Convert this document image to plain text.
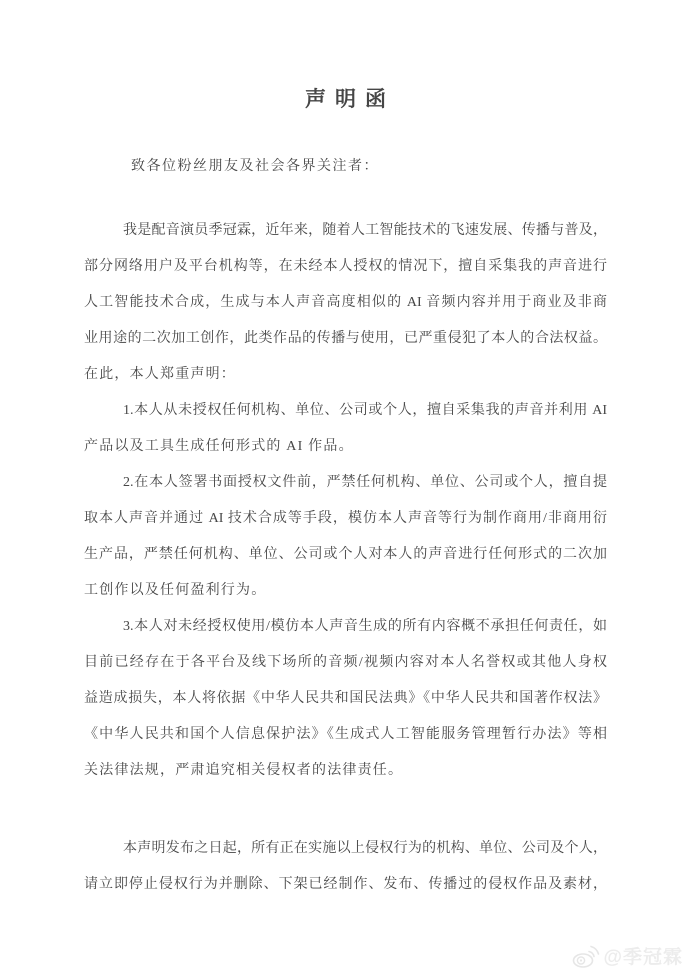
声明函

致各位粉丝朋友及社会各界关注者：

我是配音演员季冠霖，近年来，随着人工智能技术的飞速发展、传播与普及，
部分网络用户及平台机构等，在未经本人授权的情况下，擅自采集我的声音进行
人工智能技术合成，生成与本人声音高度相似的 AI 音频内容并用于商业及非商
业用途的二次加工创作，此类作品的传播与使用，已严重侵犯了本人的合法权益。
在此，本人郑重声明：
1.本人从未授权任何机构、单位、公司或个人，擅自采集我的声音并利用 AI
产品以及工具生成任何形式的 AI 作品。
2.在本人签署书面授权文件前，严禁任何机构、单位、公司或个人，擅自提
取本人声音并通过 AI 技术合成等手段，模仿本人声音等行为制作商用/非商用衍
生产品，严禁任何机构、单位、公司或个人对本人的声音进行任何形式的二次加
工创作以及任何盈利行为。
3.本人对未经授权使用/模仿本人声音生成的所有内容概不承担任何责任，如
目前已经存在于各平台及线下场所的音频/视频内容对本人名誉权或其他人身权
益造成损失，本人将依据《中华人民共和国民法典》《中华人民共和国著作权法》
《中华人民共和国个人信息保护法》《生成式人工智能服务管理暂行办法》等相
关法律法规，严肃追究相关侵权者的法律责任。
本声明发布之日起，所有正在实施以上侵权行为的机构、单位、公司及个人，
请立即停止侵权行为并删除、下架已经制作、发布、传播过的侵权作品及素材，
@季冠霖
